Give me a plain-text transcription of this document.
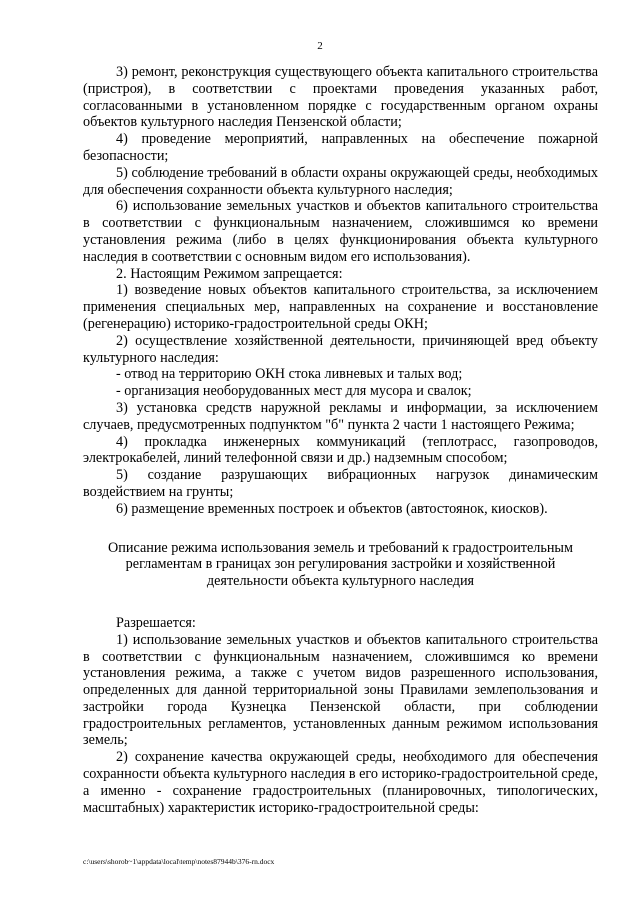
2

3) ремонт, реконструкция существующего объекта капитального строительства (пристроя), в соответствии с проектами проведения указанных работ, согласованными в установленном порядке с государственным органом охраны объектов культурного наследия Пензенской области;

4) проведение мероприятий, направленных на обеспечение пожарной безопасности;

5) соблюдение требований в области охраны окружающей среды, необходимых для обеспечения сохранности объекта культурного наследия;

6) использование земельных участков и объектов капитального строительства в соответствии с функциональным назначением, сложившимся ко времени установления режима (либо в целях функционирования объекта культурного наследия в соответствии с основным видом его использования).

2. Настоящим Режимом запрещается:

1) возведение новых объектов капитального строительства, за исключением применения специальных мер, направленных на сохранение и восстановление (регенерацию) историко-градостроительной среды ОКН;

2) осуществление хозяйственной деятельности, причиняющей вред объекту культурного наследия:

- отвод на территорию ОКН стока ливневых и талых вод;

- организация необорудованных мест для мусора и свалок;

3) установка средств наружной рекламы и информации, за исключением случаев, предусмотренных подпунктом "б" пункта 2 части 1 настоящего Режима;

4) прокладка инженерных коммуникаций (теплотрасс, газопроводов, электрокабелей, линий телефонной связи и др.) надземным способом;

5) создание разрушающих вибрационных нагрузок динамическим воздействием на грунты;

6) размещение временных построек и объектов (автостоянок, киосков).

Описание режима использования земель и требований к градостроительным регламентам в границах зон регулирования застройки и хозяйственной деятельности объекта культурного наследия

Разрешается:

1) использование земельных участков и объектов капитального строительства в соответствии с функциональным назначением, сложившимся ко времени установления режима, а также с учетом видов разрешенного использования, определенных для данной территориальной зоны Правилами землепользования и застройки города Кузнецка Пензенской области, при соблюдении градостроительных регламентов, установленных данным режимом использования земель;

2) сохранение качества окружающей среды, необходимого для обеспечения сохранности объекта культурного наследия в его историко-градостроительной среде, а именно - сохранение градостроительных (планировочных, типологических, масштабных) характеристик историко-градостроительной среды:

c:\users\shorob~1\appdata\local\temp\notes87944b\376-rn.docx
